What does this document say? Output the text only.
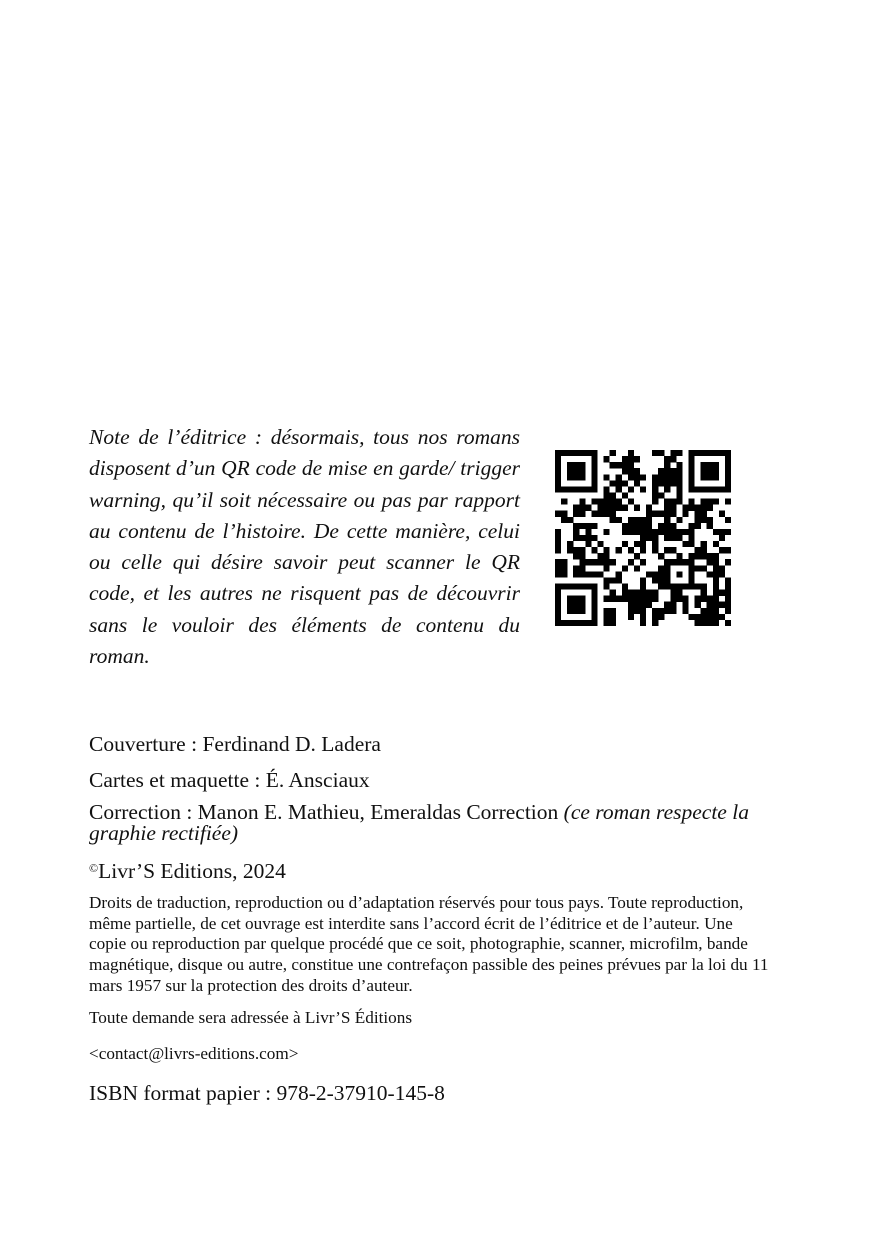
Note de l’éditrice : désormais, tous nos romans disposent d’un QR code de mise en garde/ trigger warning, qu’il soit nécessaire ou pas par rapport au contenu de l’histoire. De cette manière, celui ou celle qui désire savoir peut scanner le QR code, et les autres ne risquent pas de découvrir sans le vouloir des éléments de contenu du roman.

Couverture : Ferdinand D. Ladera

Cartes et maquette : É. Ansciaux

Correction : Manon E. Mathieu, Emeraldas Correction (ce roman respecte la graphie rectifiée)

©Livr’S Editions, 2024

Droits de traduction, reproduction ou d’adaptation réservés pour tous pays. Toute reproduction, même partielle, de cet ouvrage est interdite sans l’accord écrit de l’éditrice et de l’auteur. Une copie ou reproduction par quelque procédé que ce soit, photographie, scanner, microfilm, bande magnétique, disque ou autre, constitue une contrefaçon passible des peines prévues par la loi du 11 mars 1957 sur la protection des droits d’auteur.

Toute demande sera adressée à Livr’S Éditions

<contact@livrs-editions.com>

ISBN format papier : 978-2-37910-145-8
